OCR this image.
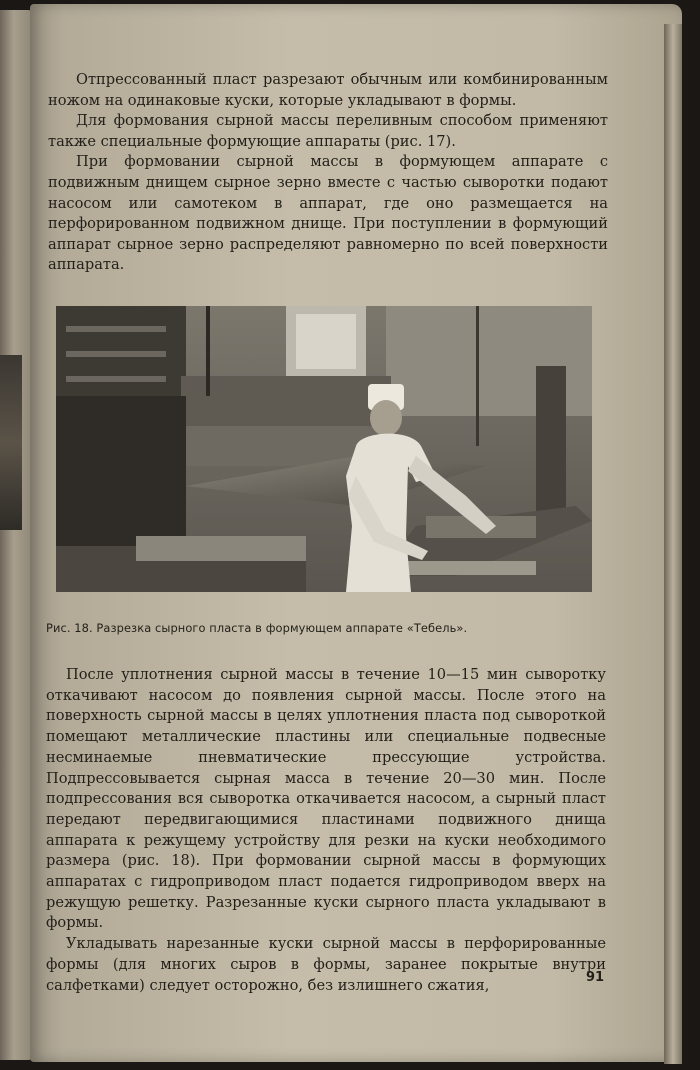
Отпрессованный пласт разрезают обычным или комбинированным ножом на одинаковые куски, которые укладывают в формы.

Для формования сырной массы переливным способом применяют также специальные формующие аппараты (рис. 17).

При формовании сырной массы в формующем аппарате с подвижным днищем сырное зерно вместе с частью сыворотки подают насосом или самотеком в аппарат, где оно размещается на перфорированном подвижном днище. При поступлении в формующий аппарат сырное зерно распределяют равномерно по всей поверхности аппарата.

Рис. 18. Разрезка сырного пласта в формующем аппарате «Тебель».

После уплотнения сырной массы в течение 10—15 мин сыворотку откачивают насосом до появления сырной массы. После этого на поверхность сырной массы в целях уплотнения пласта под сывороткой помещают металлические пластины или специальные подвесные несминаемые пневматические прессующие устройства. Подпрессовывается сырная масса в течение 20—30 мин. После подпрессования вся сыворотка откачивается насосом, а сырный пласт передают передвигающимися пластинами подвижного днища аппарата к режущему устройству для резки на куски необходимого размера (рис. 18). При формовании сырной массы в формующих аппаратах с гидроприводом пласт подается гидроприводом вверх на режущую решетку. Разрезанные куски сырного пласта укладывают в формы.

Укладывать нарезанные куски сырной массы в перфорированные формы (для многих сыров в формы, заранее покрытые внутри салфетками) следует осторожно, без излишнего сжатия,	91
